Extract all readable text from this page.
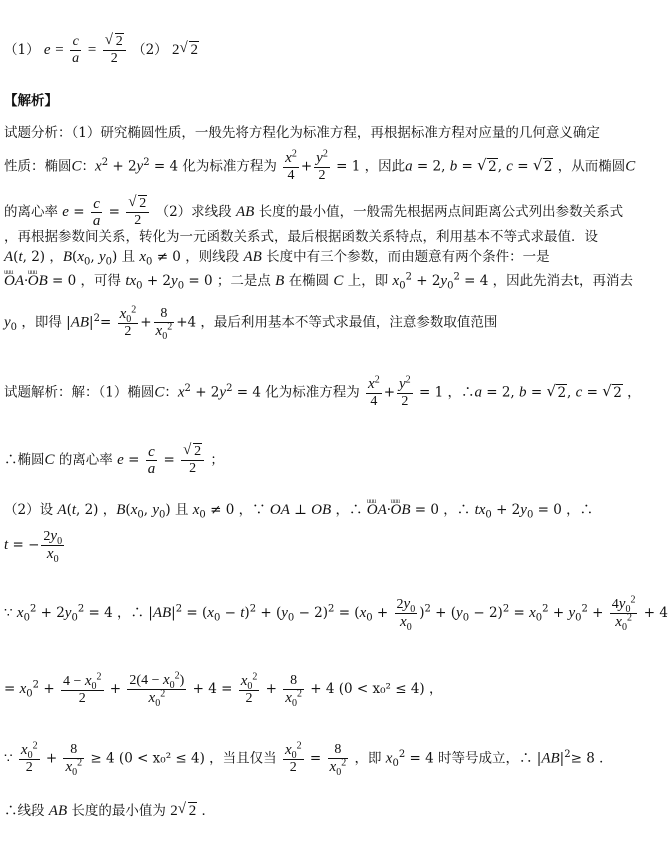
（1） $e = \frac{c}{a}$ = √ $\frac{2}{2} (2)$ 2 √ 2
【解析】
试题分析：（1）研究椭圆性质，一般先将方程化为标准方程，再根据标准方程对应量的几何意义确定
性质：椭圆C：$x^2 + 2y^2 = 4$ 化为标准方程为 $\frac{x^2}{4} + \frac{y^2}{2} = 1$ ，因此a = 2, b = √ 2, c = √ 2 ，从而椭圆C
的离心率 $e = \frac{c}{a}$ = √ $\frac{2}{2} (2)$求线段 AB 长度的最小值，一般需先根据两点间距离公式列出参数关系式
，再根据参数间关系，转化为一元函数关系式，最后根据函数关系特点，利用基本不等式求最值．设
A(t, 2) ，$B(x_0$, $y_0$) 且 $x_0 \ne 0$ ，则线段 AB 长度中有三个参数，而由题意有两个条件：一是
uuu OA·uuu OB = 0 ，可得 $tx_0 + 2y_0 = 0$ ；二是点 B 在椭圆 C 上，即 $x_0^2 + 2y_0^2 = 4$ ，因此先消去t，再消去
$y_0$ ，即得 $|AB|^2= \frac{x_0^2}{2} + \frac{8}{x_0^2} +4$ ，最后利用基本不等式求最值，注意参数取值范围
试题解析：解：（1）椭圆C：$x^2 + 2y^2 = 4$ 化为标准方程为 $\frac{x^2}{4} + \frac{y^2}{2} = 1$ ，∴a = 2, b = √ 2, c = √ 2 ，
∴椭圆C 的离心率 $e = \frac{c}{a}$ = √ $\frac{2}{2}$ ；
（2）设 A(t, 2) ，$B(x_0$, $y_0$) 且 $x_0 \ne 0$ ，∵ OA ⊥ OB ，∴ uuu OA·uuu OB = 0 ，∴ $tx_0 + 2y_0 = 0$ ，∴
t = − $\frac{2y_0}{x_0}$
∵ $x_0^2 + 2y_0^2 = 4$ ，∴ $|AB|^2 = (x_0 - t)^2 + (y_0 - 2)^2 = (x_0 + \frac{2y_0}{x_0} )^2 + (y_0 - 2)^2 = x_0^2 + y_0^2 + \frac{4y_0^2}{x_0^2} + 4$
= $x_0^2 + \frac{4 - x_0^2}{2} + \frac{2(4 - x_0^2)}{x_0^2} + 4 = \frac{x_0^2}{2} + \frac{8}{x_0^2} + 4$ (0 < x₀² ≤ 4) ，
∵ $\frac{x_0^2}{2} + \frac{8}{x_0^2} \ge 4$ (0 < x₀² ≤ 4) ，当且仅当 $\frac{x_0^2}{2} = \frac{8}{x_0^2}$ ，即 $x_0^2 = 4$ 时等号成立，∴ $|AB|^2\ge 8$ ．
∴线段 AB 长度的最小值为 2 √ 2 ．
